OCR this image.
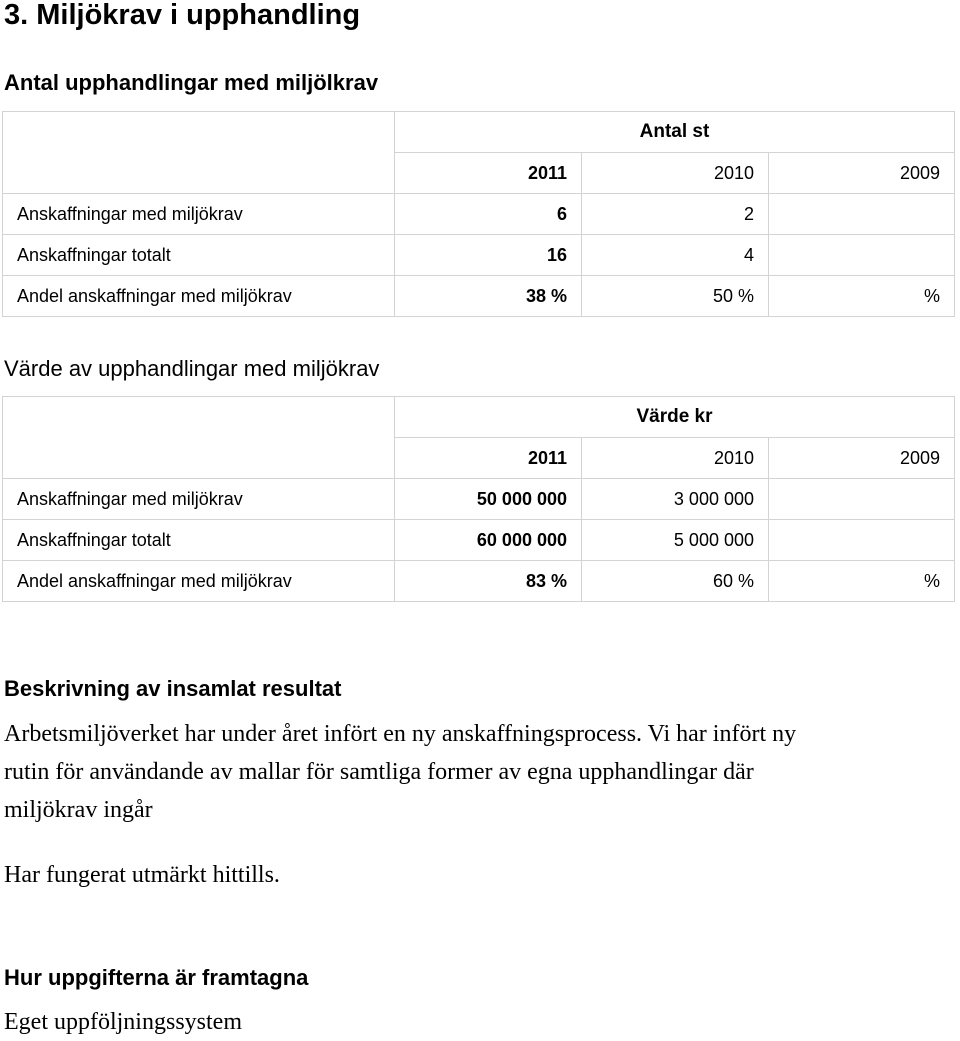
3. Miljökrav i upphandling
Antal upphandlingar med miljölkrav
	Antal st		
	2011	2010	2009
Anskaffningar med miljökrav	6	2	
Anskaffningar totalt	16	4	
Andel anskaffningar med miljökrav	38 %	50 %	%
Värde av upphandlingar med miljökrav
	Värde kr		
	2011	2010	2009
Anskaffningar med miljökrav	50 000 000	3 000 000	
Anskaffningar totalt	60 000 000	5 000 000	
Andel anskaffningar med miljökrav	83 %	60 %	%
Beskrivning av insamlat resultat

Arbetsmiljöverket har under året infört en ny anskaffningsprocess. Vi har infört ny

rutin för användande av mallar för samtliga former av egna upphandlingar där

miljökrav ingår

Har fungerat utmärkt hittills.

Hur uppgifterna är framtagna

Eget uppföljningssystem
